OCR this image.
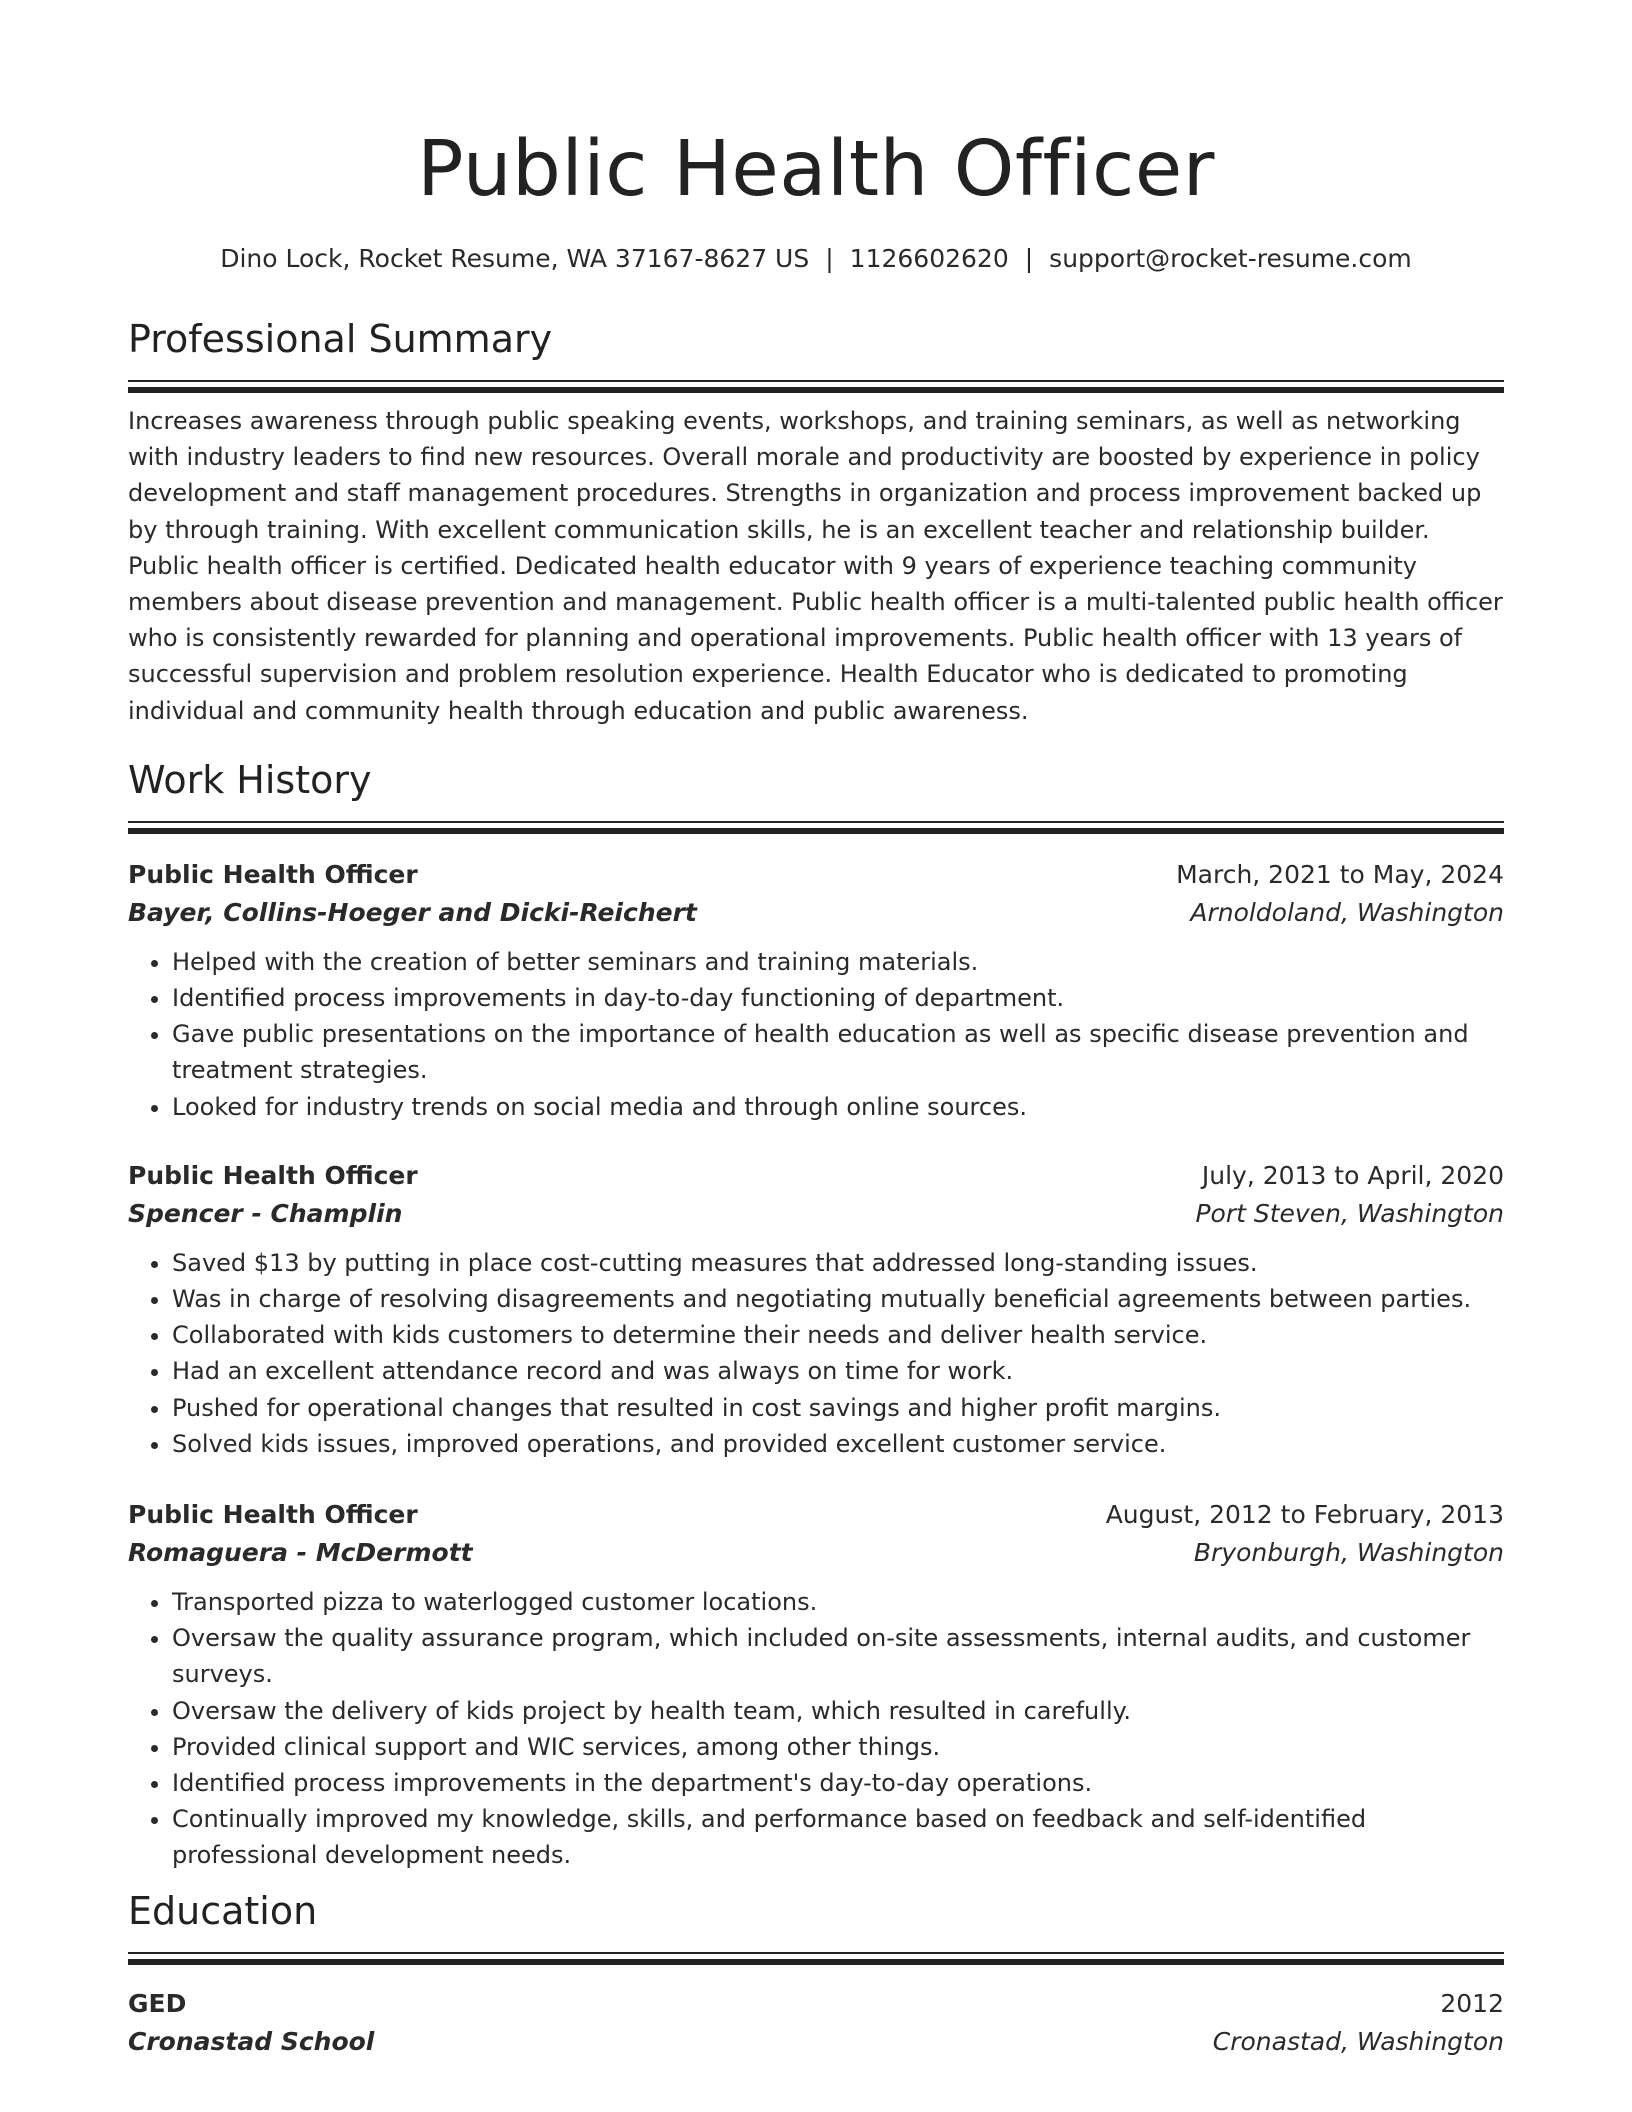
Public Health Officer
Dino Lock, Rocket Resume, WA 37167-8627 US | 1126602620 | support@rocket-resume.com
Professional Summary

Increases awareness through public speaking events, workshops, and training seminars, as well as networking with industry leaders to find new resources. Overall morale and productivity are boosted by experience in policy development and staff management procedures. Strengths in organization and process improvement backed up by through training. With excellent communication skills, he is an excellent teacher and relationship builder. Public health officer is certified. Dedicated health educator with 9 years of experience teaching community members about disease prevention and management. Public health officer is a multi-talented public health officer who is consistently rewarded for planning and operational improvements. Public health officer with 13 years of successful supervision and problem resolution experience. Health Educator who is dedicated to promoting individual and community health through education and public awareness.

Work History
Public Health Officer	March, 2021 to May, 2024
Bayer, Collins-Hoeger and Dicki-Reichert	Arnoldoland, Washington
• Helped with the creation of better seminars and training materials.
• Identified process improvements in day-to-day functioning of department.
• Gave public presentations on the importance of health education as well as specific disease prevention and treatment strategies.
• Looked for industry trends on social media and through online sources.
Public Health Officer	July, 2013 to April, 2020
Spencer - Champlin	Port Steven, Washington
• Saved $13 by putting in place cost-cutting measures that addressed long-standing issues.
• Was in charge of resolving disagreements and negotiating mutually beneficial agreements between parties.
• Collaborated with kids customers to determine their needs and deliver health service.
• Had an excellent attendance record and was always on time for work.
• Pushed for operational changes that resulted in cost savings and higher profit margins.
• Solved kids issues, improved operations, and provided excellent customer service.
Public Health Officer	August, 2012 to February, 2013
Romaguera - McDermott	Bryonburgh, Washington
• Transported pizza to waterlogged customer locations.
• Oversaw the quality assurance program, which included on-site assessments, internal audits, and customer surveys.
• Oversaw the delivery of kids project by health team, which resulted in carefully.
• Provided clinical support and WIC services, among other things.
• Identified process improvements in the department's day-to-day operations.
• Continually improved my knowledge, skills, and performance based on feedback and self-identified professional development needs.
Education
GED	2012
Cronastad School	Cronastad, Washington
